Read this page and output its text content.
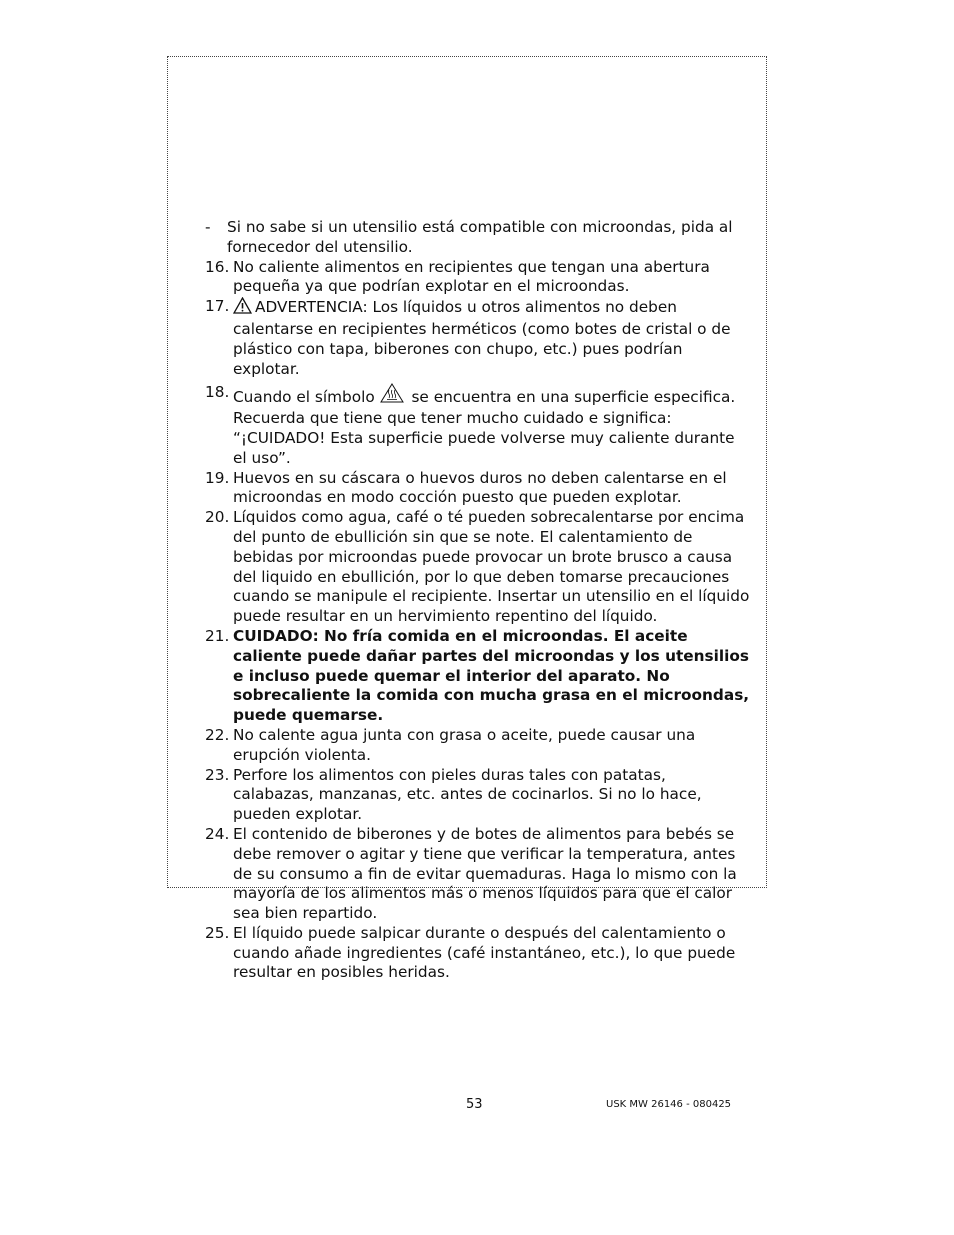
-	Si no sabe si un utensilio está compatible con microondas, pida al fornecedor del utensilio.
16. No caliente alimentos en recipientes que tengan una abertura pequeña ya que podrían explotar en el microondas.
17.	ADVERTENCIA: Los líquidos u otros alimentos no deben calentarse en recipientes herméticos (como botes de cristal o de plástico con tapa, biberones con chupo, etc.) pues podrían explotar.
18. Cuando el símbolo se encuentra en una superficie especifica. Recuerda que tiene que tener mucho cuidado e significa: “¡CUIDADO! Esta superficie puede volverse muy caliente durante el uso”.
19. Huevos en su cáscara o huevos duros no deben calentarse en el microondas en modo cocción puesto que pueden explotar.
20. Líquidos como agua, café o té pueden sobrecalentarse por encima del punto de ebullición sin que se note. El calentamiento de bebidas por microondas puede provocar un brote brusco a causa del liquido en ebullición, por lo que deben tomarse precauciones cuando se manipule el recipiente. Insertar un utensilio en el líquido puede resultar en un hervimiento repentino del líquido.
21. CUIDADO: No fría comida en el microondas. El aceite caliente puede dañar partes del microondas y los utensilios e incluso puede quemar el interior del aparato. No sobrecaliente la comida con mucha grasa en el microondas, puede quemarse.
22. No calente agua junta con grasa o aceite, puede causar una erupción violenta.
23. Perfore los alimentos con pieles duras tales con patatas, calabazas, manzanas, etc. antes de cocinarlos. Si no lo hace, pueden explotar.
24. El contenido de biberones y de botes de alimentos para bebés se debe remover o agitar y tiene que verificar la temperatura, antes de su consumo a fin de evitar quemaduras. Haga lo mismo con la mayoría de los alimentos más o menos líquidos para que el calor sea bien repartido.
25. El líquido puede salpicar durante o después del calentamiento o cuando añade ingredientes (café instantáneo, etc.), lo que puede resultar en posibles heridas.
53	USK MW 26146 - 080425
